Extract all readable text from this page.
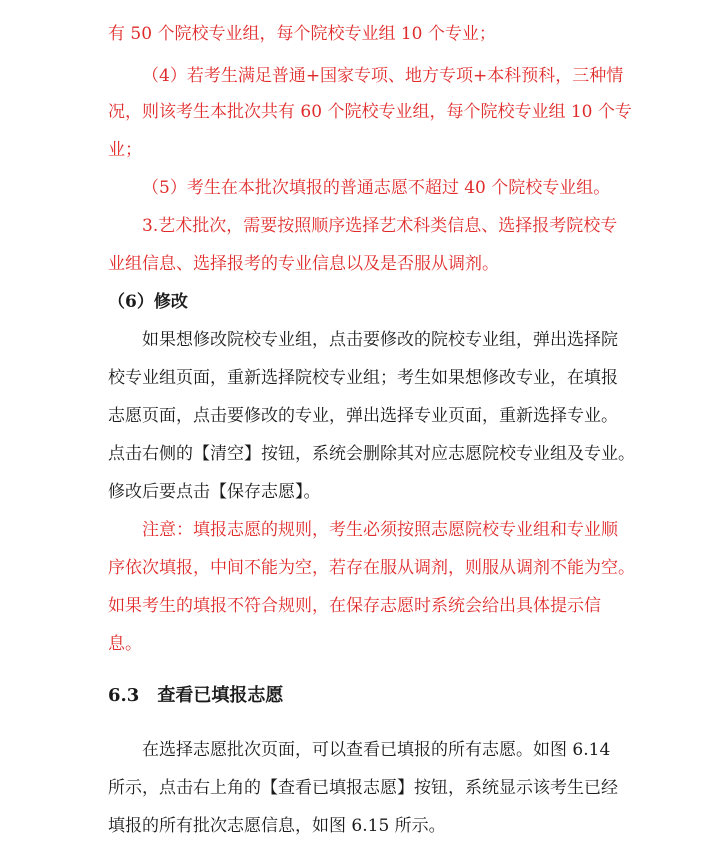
有 50 个院校专业组，每个院校专业组 10 个专业；
（4）若考生满足普通+国家专项、地方专项+本科预科，三种情
况，则该考生本批次共有 60 个院校专业组，每个院校专业组 10 个专
业；
（5）考生在本批次填报的普通志愿不超过 40 个院校专业组。
3.艺术批次，需要按照顺序选择艺术科类信息、选择报考院校专
业组信息、选择报考的专业信息以及是否服从调剂。
（6）修改
如果想修改院校专业组，点击要修改的院校专业组，弹出选择院
校专业组页面，重新选择院校专业组；考生如果想修改专业，在填报
志愿页面，点击要修改的专业，弹出选择专业页面，重新选择专业。
点击右侧的【清空】按钮，系统会删除其对应志愿院校专业组及专业。
修改后要点击【保存志愿】。
注意：填报志愿的规则，考生必须按照志愿院校专业组和专业顺
序依次填报，中间不能为空，若存在服从调剂，则服从调剂不能为空。
如果考生的填报不符合规则，在保存志愿时系统会给出具体提示信
息。
6.3　查看已填报志愿
在选择志愿批次页面，可以查看已填报的所有志愿。如图 6.14
所示，点击右上角的【查看已填报志愿】按钮，系统显示该考生已经
填报的所有批次志愿信息，如图 6.15 所示。
